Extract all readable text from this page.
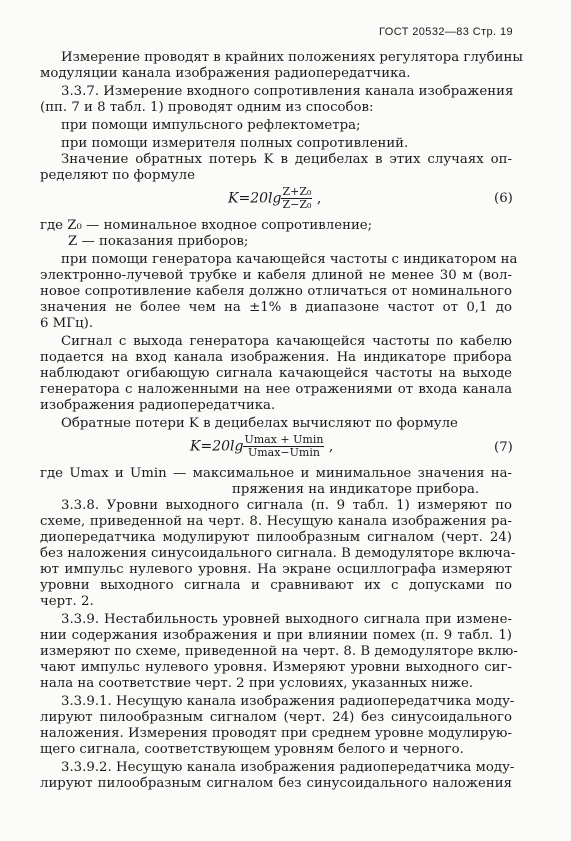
ГОСТ 20532—83 Стр. 19
Измерение проводят в крайних положениях регулятора глубины
модуляции канала изображения радиопередатчика.
3.3.7. Измерение входного сопротивления канала изображения
(пп. 7 и 8 табл. 1) проводят одним из способов:
при помощи импульсного рефлектометра;
при помощи измерителя полных сопротивлений.
Значение обратных потерь K в децибелах в этих случаях оп-
ределяют по формуле
$K=20\lg \frac{\text{Z+Z₀}}{\text{Z−Z₀}}$ ,	(6)
где Z₀ — номинальное входное сопротивление;
Z — показания приборов;
при помощи генератора качающейся частоты с индикатором на
электронно-лучевой трубке и кабеля длиной не менее 30 м (вол-
новое сопротивление кабеля должно отличаться от номинального
значения не более чем на ±1% в диапазоне частот от 0,1 до
6 МГц).
Сигнал с выхода генератора качающейся частоты по кабелю
подается на вход канала изображения. На индикаторе прибора
наблюдают огибающую сигнала качающейся частоты на выходе
генератора с наложенными на нее отражениями от входа канала
изображения радиопередатчика.
Обратные потери K в децибелах вычисляют по формуле
$K=20\lg \frac{Umax + Umin}{Umax-Umin}$ ,	(7)
где Umax и Umin — максимальное и минимальное значения на-
пряжения на индикаторе прибора.
3.3.8. Уровни выходного сигнала (п. 9 табл. 1) измеряют по
схеме, приведенной на черт. 8. Несущую канала изображения ра-
диопередатчика модулируют пилообразным сигналом (черт. 24)
без наложения синусоидального сигнала. В демодуляторе включа-
ют импульс нулевого уровня. На экране осциллографа измеряют
уровни выходного сигнала и сравнивают их с допусками по
черт. 2.
3.3.9. Нестабильность уровней выходного сигнала при измене-
нии содержания изображения и при влиянии помех (п. 9 табл. 1)
измеряют по схеме, приведенной на черт. 8. В демодуляторе вклю-
чают импульс нулевого уровня. Измеряют уровни выходного сиг-
нала на соответствие черт. 2 при условиях, указанных ниже.
3.3.9.1. Несущую канала изображения радиопередатчика моду-
лируют пилообразным сигналом (черт. 24) без синусоидального
наложения. Измерения проводят при среднем уровне модулирую-
щего сигнала, соответствующем уровням белого и черного.
3.3.9.2. Несущую канала изображения радиопередатчика моду-
лируют пилообразным сигналом без синусоидального наложения
